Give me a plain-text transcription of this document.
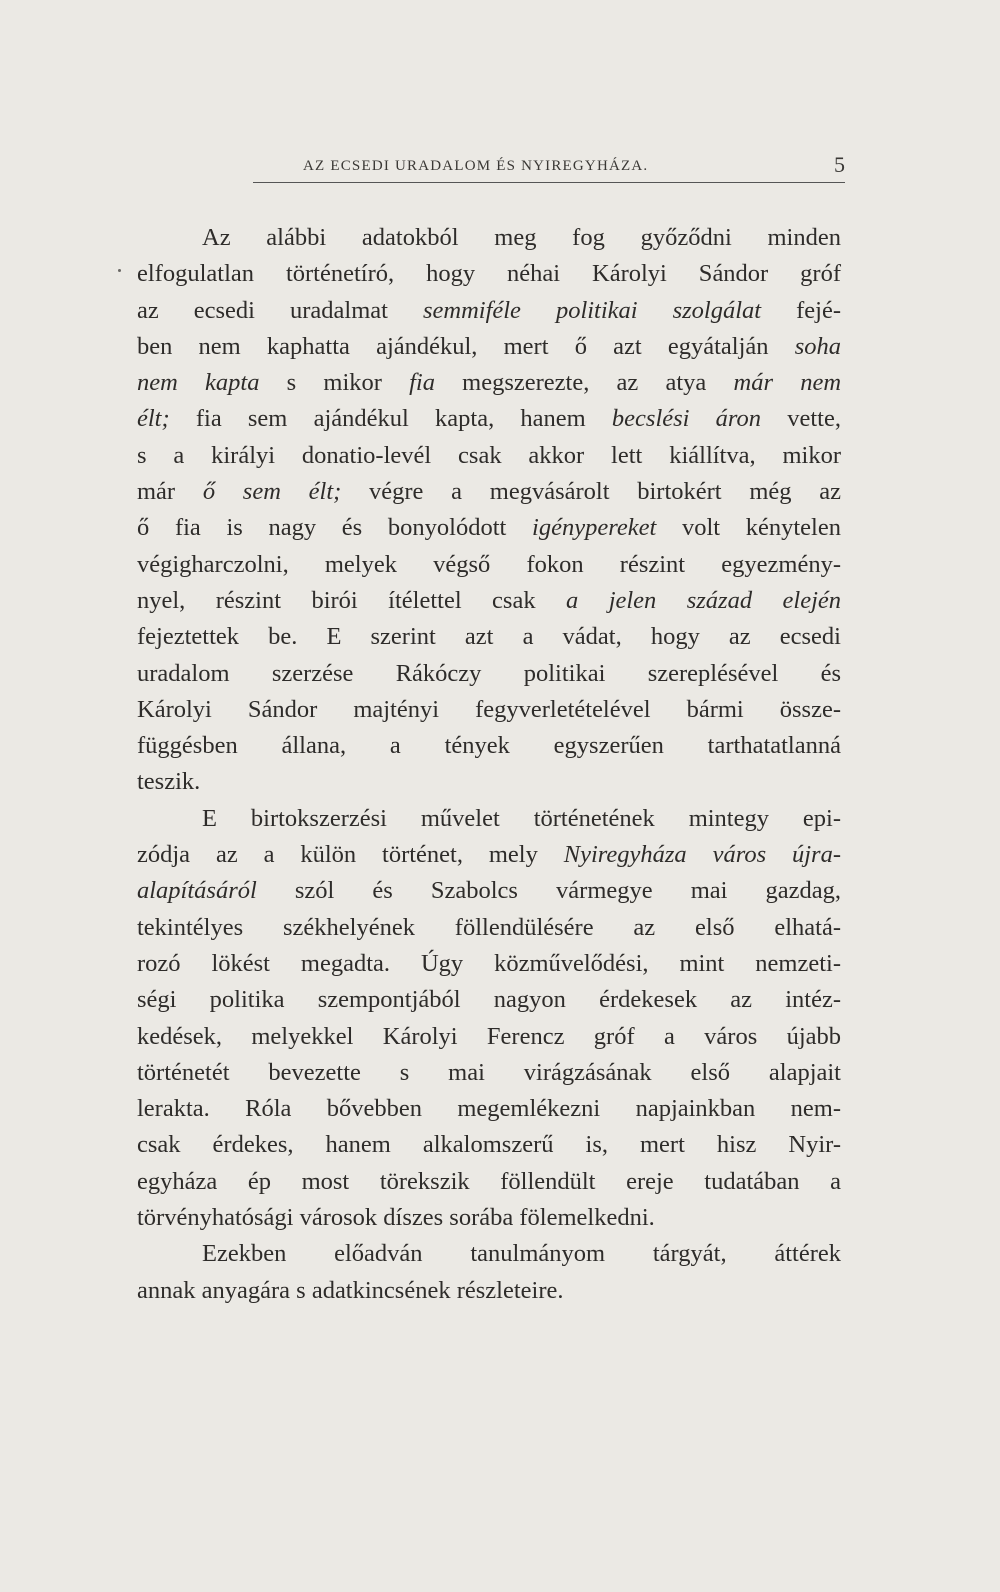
AZ ECSEDI URADALOM ÉS NYIREGYHÁZA.	5

Az alábbi adatokból meg fog győződni minden
elfogulatlan történetíró, hogy néhai Károlyi Sándor gróf
az ecsedi uradalmat semmiféle politikai szolgálat fejé-
ben nem kaphatta ajándékul, mert ő azt egyátalján soha
nem kapta s mikor fia megszerezte, az atya már nem
élt; fia sem ajándékul kapta, hanem becslési áron vette,
s a királyi donatio-levél csak akkor lett kiállítva, mikor
már ő sem élt; végre a megvásárolt birtokért még az
ő fia is nagy és bonyolódott igénypereket volt kénytelen
végigharczolni, melyek végső fokon részint egyezmény-
nyel, részint birói ítélettel csak a jelen század elején
fejeztettek be. E szerint azt a vádat, hogy az ecsedi
uradalom szerzése Rákóczy politikai szereplésével és
Károlyi Sándor majtényi fegyverletételével bármi össze-
függésben állana, a tények egyszerűen tarthatatlanná
teszik.

E birtokszerzési művelet történetének mintegy epi-
zódja az a külön történet, mely Nyiregyháza város újra-
alapításáról szól és Szabolcs vármegye mai gazdag,
tekintélyes székhelyének föllendülésére az első elhatá-
rozó lökést megadta. Úgy közművelődési, mint nemzeti-
ségi politika szempontjából nagyon érdekesek az intéz-
kedések, melyekkel Károlyi Ferencz gróf a város újabb
történetét bevezette s mai virágzásának első alapjait
lerakta. Róla bővebben megemlékezni napjainkban nem-
csak érdekes, hanem alkalomszerű is, mert hisz Nyir-
egyháza ép most törekszik föllendült ereje tudatában a
törvényhatósági városok díszes sorába fölemelkedni.

Ezekben előadván tanulmányom tárgyát, áttérek
annak anyagára s adatkincsének részleteire.
